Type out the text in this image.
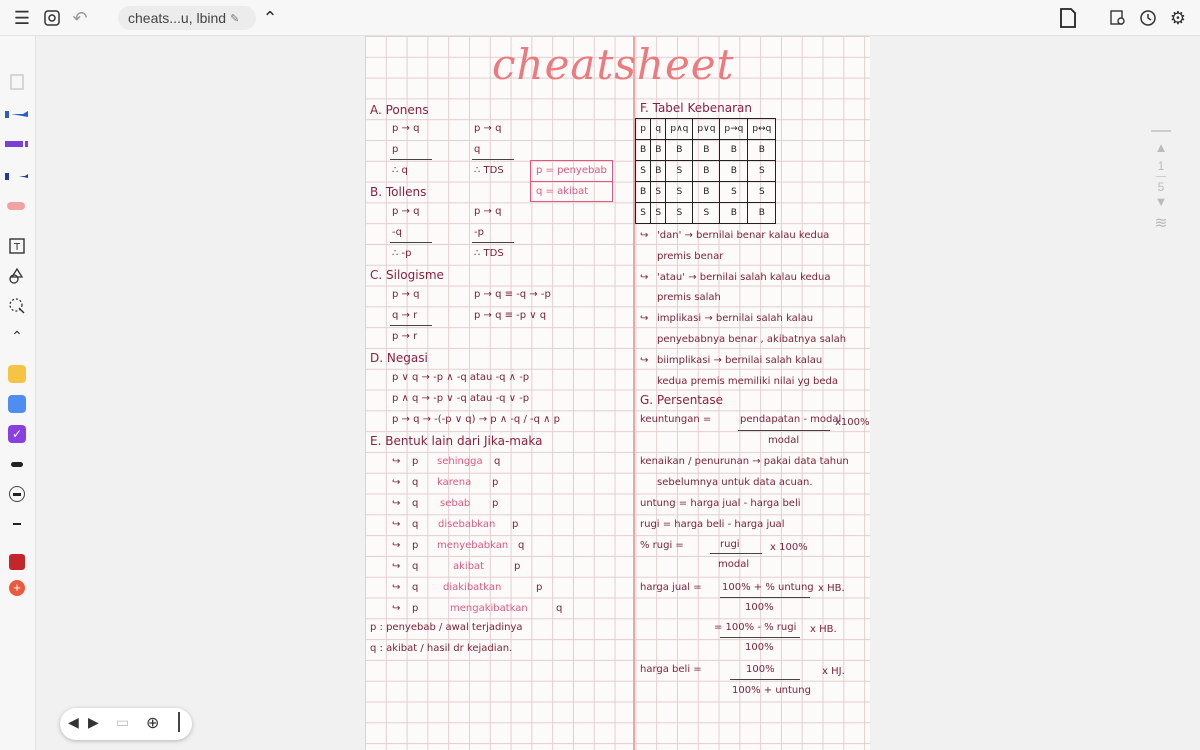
☰ ↶	cheats...u, lbind ✎ ⌃	⚙
T
⌃
✓
+
cheatsheet
A. Ponens
p → q
p
∴ q
p → q
q
∴ TDS	p = penyebab
q = akibat
B. Tollens
p → q
-q
∴ -p
p → q
-p
∴ TDS
C. Silogisme
p → q
q → r
p → r
p → q ≡ -q → -p
p → q ≡ -p ∨ q
D. Negasi
p ∨ q → -p ∧ -q atau -q ∧ -p
p ∧ q → -p ∨ -q atau -q ∨ -p
p → q → -(-p ∨ q) → p ∧ -q / -q ∧ p
E. Bentuk lain dari Jika-maka
↪ p sehingga q
↪ q karena p
↪ q sebab p
↪ q disebabkan p
↪ p menyebabkan q
↪ q	akibat	p
↪ q diakibatkan	p
↪ p	mengakibatkan	q
p : penyebab / awal terjadinya
q : akibat / hasil dr kejadian.
F. Tabel Kebenaran
p	q	p∧q	p∨q	p→q	p↔q
B	B	B	B	B	B
S	B	S	B	B	S
B	S	S	B	S	S
S	S	S	S	B	B
↪ 'dan' → bernilai benar kalau kedua
premis benar
↪ 'atau' → bernilai salah kalau kedua
premis salah
↪ implikasi → bernilai salah kalau
penyebabnya benar , akibatnya salah
↪ biimplikasi → bernilai salah kalau
kedua premis memiliki nilai yg beda
G. Persentase
keuntungan =	pendapatan - modal
x100%
modal
kenaikan / penurunan → pakai data tahun
sebelumnya untuk data acuan.
untung = harga jual - harga beli
rugi = harga beli - harga jual
% rugi =	rugi	x 100%
modal
harga jual = 100% + % untung x HB.
100%
= 100% - % rugi x HB.
100%
harga beli =	100%	x HJ.
100% + untung
▲
1
5
▼
≋
◀ ▶ ▭ ⊕
